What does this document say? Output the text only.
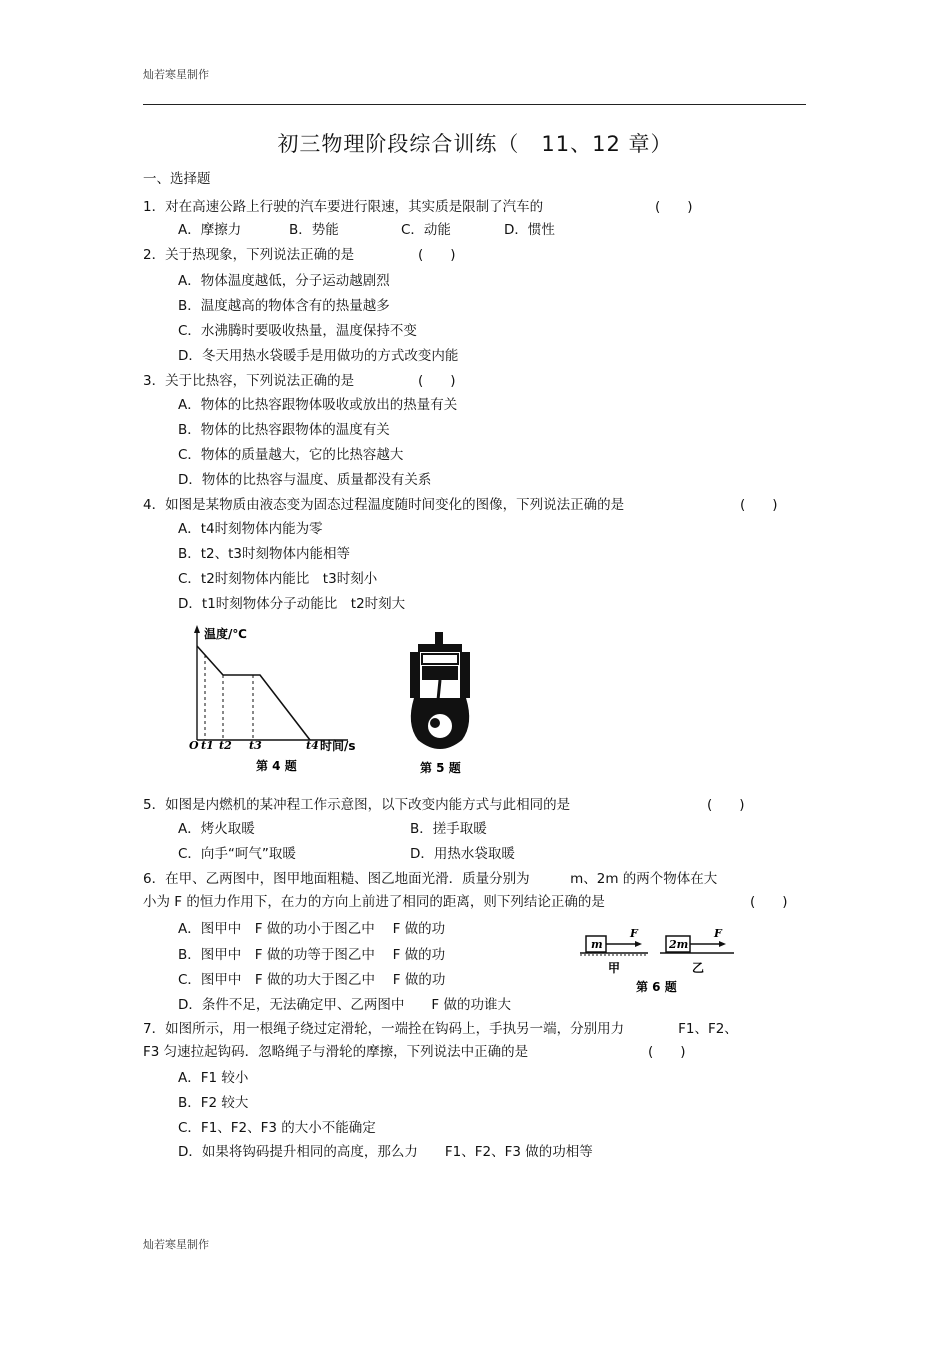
灿若寒星制作
初三物理阶段综合训练（　11、12 章）
一、选择题
1．对在高速公路上行驶的汽车要进行限速，其实质是限制了汽车的	(　　)
A．摩擦力	B．势能	C．动能	D．惯性
2．关于热现象，下列说法正确的是	(　　)
A．物体温度越低，分子运动越剧烈
B．温度越高的物体含有的热量越多
C．水沸腾时要吸收热量，温度保持不变
D．冬天用热水袋暖手是用做功的方式改变内能
3．关于比热容，下列说法正确的是	(　　)
A．物体的比热容跟物体吸收或放出的热量有关
B．物体的比热容跟物体的温度有关
C．物体的质量越大，它的比热容越大
D．物体的比热容与温度、质量都没有关系
4．如图是某物质由液态变为固态过程温度随时间变化的图像，下列说法正确的是	(　　)
A．t4时刻物体内能为零
B．t2、t3时刻物体内能相等
C．t2时刻物体内能比　t3时刻小
D．t1时刻物体分子动能比　t2时刻大
温度/℃
O t1 t2 t3	t4 时间/s
第 4 题	第 5 题
5．如图是内燃机的某冲程工作示意图，以下改变内能方式与此相同的是	(　　)
A．烤火取暖	B．搓手取暖
C．向手“呵气”取暖	D．用热水袋取暖
6．在甲、乙两图中，图甲地面粗糙、图乙地面光滑．质量分别为　　　m、2m 的两个物体在大
小为 F 的恒力作用下，在力的方向上前进了相同的距离，则下列结论正确的是	(　　)
A．图甲中　F 做的功小于图乙中　 F 做的功
B．图甲中　F 做的功等于图乙中　 F 做的功
C．图甲中　F 做的功大于图乙中　 F 做的功
D．条件不足，无法确定甲、乙两图中　　F 做的功谁大
m
F
甲
2m
F
乙
第 6 题
7．如图所示，用一根绳子绕过定滑轮，一端拴在钩码上，手执另一端，分别用力　　　　F1、F2、
F3 匀速拉起钩码．忽略绳子与滑轮的摩擦，下列说法中正确的是	(　　)
A．F1 较小
B．F2 较大
C．F1、F2、F3 的大小不能确定
D．如果将钩码提升相同的高度，那么力　　F1、F2、F3 做的功相等
灿若寒星制作
